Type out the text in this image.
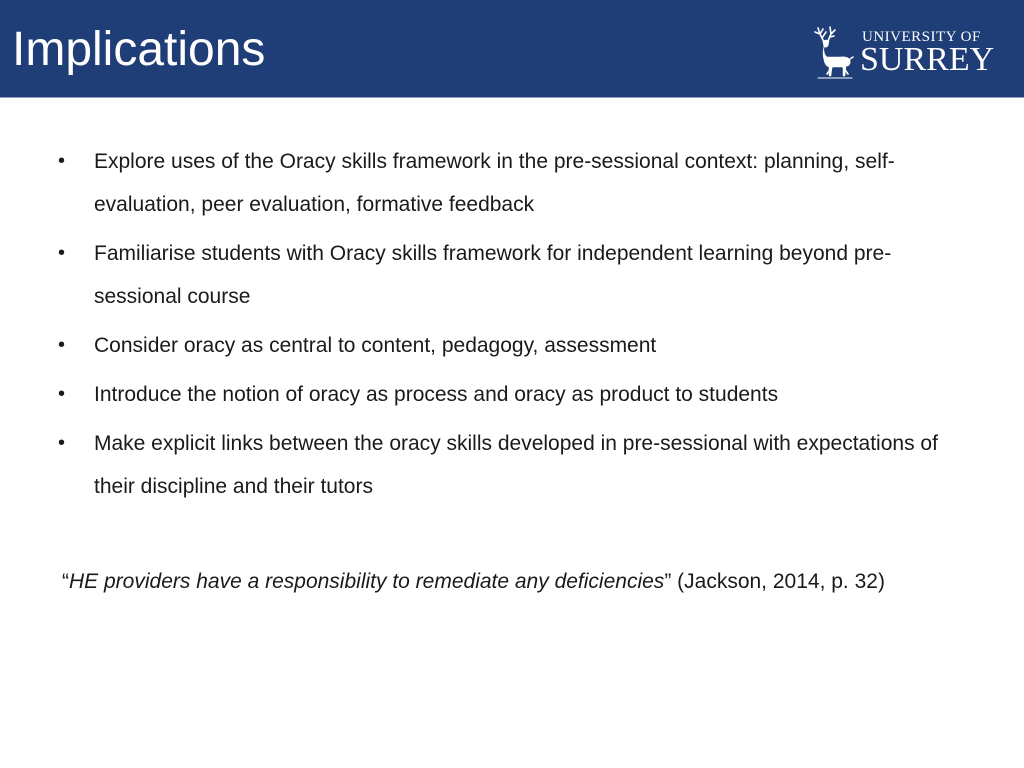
Implications	UNIVERSITY OF
SURREY
• Explore uses of the Oracy skills framework in the pre-sessional context: planning, self-evaluation, peer evaluation, formative feedback
• Familiarise students with Oracy skills framework for independent learning beyond pre-sessional course
• Consider oracy as central to content, pedagogy, assessment
• Introduce the notion of oracy as process and oracy as product to students
• Make explicit links between the oracy skills developed in pre-sessional with expectations of their discipline and their tutors
“HE providers have a responsibility to remediate any deficiencies” (Jackson, 2014, p. 32)
